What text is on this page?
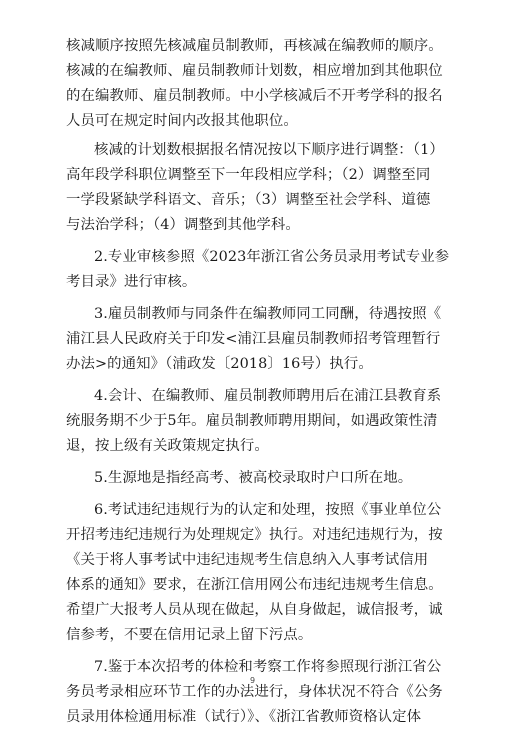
核减顺序按照先核减雇员制教师，再核减在编教师的顺序。
核减的在编教师、雇员制教师计划数，相应增加到其他职位
的在编教师、雇员制教师。中小学核减后不开考学科的报名
人员可在规定时间内改报其他职位。
核减的计划数根据报名情况按以下顺序进行调整：（1）
高年段学科职位调整至下一年段相应学科；（2）调整至同
一学段紧缺学科语文、音乐；（3）调整至社会学科、道德
与法治学科；（4）调整到其他学科。
2.专业审核参照《2023年浙江省公务员录用考试专业参
考目录》进行审核。
3.雇员制教师与同条件在编教师同工同酬，待遇按照《
浦江县人民政府关于印发<浦江县雇员制教师招考管理暂行
办法>的通知》（浦政发〔2018〕16号）执行。
4.会计、在编教师、雇员制教师聘用后在浦江县教育系
统服务期不少于5年。雇员制教师聘用期间，如遇政策性清
退，按上级有关政策规定执行。
5.生源地是指经高考、被高校录取时户口所在地。
6.考试违纪违规行为的认定和处理，按照《事业单位公
开招考违纪违规行为处理规定》执行。对违纪违规行为，按
《关于将人事考试中违纪违规考生信息纳入人事考试信用
体系的通知》要求，在浙江信用网公布违纪违规考生信息。
希望广大报考人员从现在做起，从自身做起，诚信报考，诚
信参考，不要在信用记录上留下污点。
7.鉴于本次招考的体检和考察工作将参照现行浙江省公
务员考录相应环节工作的办法进行，身体状况不符合《公务
员录用体检通用标准（试行）》、《浙江省教师资格认定体
9
